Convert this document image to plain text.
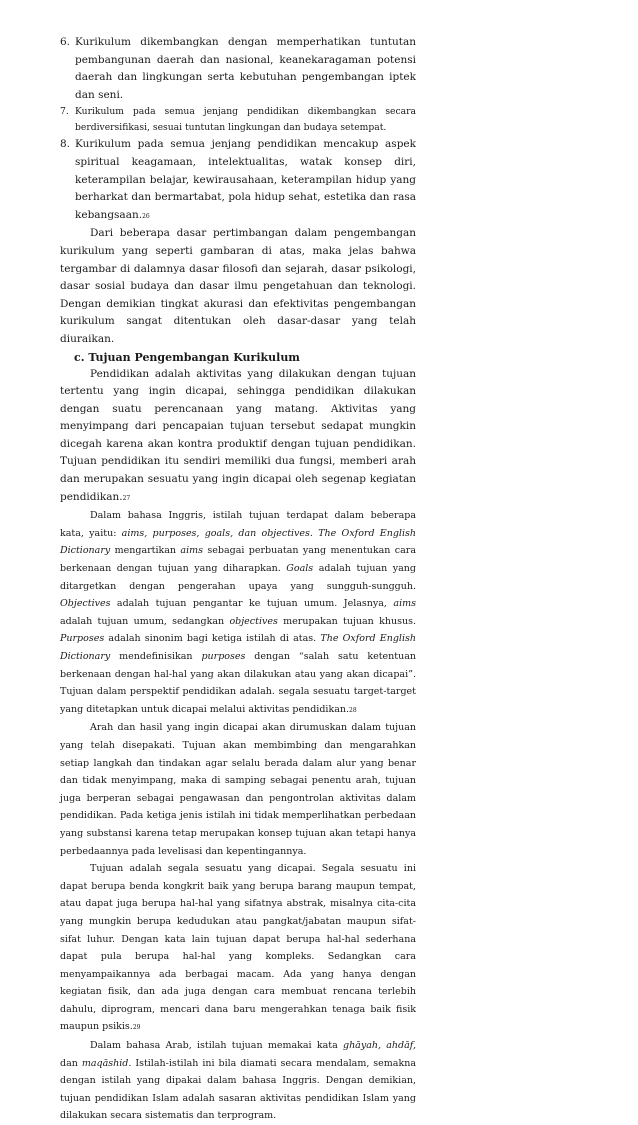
6. Kurikulum dikembangkan dengan memperhatikan tuntutan pembangunan daerah dan nasional, keanekaragaman potensi daerah dan lingkungan serta kebutuhan pengembangan iptek dan seni.
7. Kurikulum pada semua jenjang pendidikan dikembangkan secara berdiversifikasi, sesuai tuntutan lingkungan dan budaya setempat.
8. Kurikulum pada semua jenjang pendidikan mencakup aspek spiritual keagamaan, intelektualitas, watak konsep diri, keterampilan belajar, kewirausahaan, keterampilan hidup yang berharkat dan bermartabat, pola hidup sehat, estetika dan rasa kebangsaan.26

Dari beberapa dasar pertimbangan dalam pengembangan kurikulum yang seperti gambaran di atas, maka jelas bahwa tergambar di dalamnya dasar filosofi dan sejarah, dasar psikologi, dasar sosial budaya dan dasar ilmu pengetahuan dan teknologi. Dengan demikian tingkat akurasi dan efektivitas pengembangan kurikulum sangat ditentukan oleh dasar-dasar yang telah diuraikan.

c. Tujuan Pengembangan Kurikulum

Pendidikan adalah aktivitas yang dilakukan dengan tujuan tertentu yang ingin dicapai, sehingga pendidikan dilakukan dengan suatu perencanaan yang matang. Aktivitas yang menyimpang dari pencapaian tujuan tersebut sedapat mungkin dicegah karena akan kontra produktif dengan tujuan pendidikan. Tujuan pendidikan itu sendiri memiliki dua fungsi, memberi arah dan merupakan sesuatu yang ingin dicapai oleh segenap kegiatan pendidikan.27

Dalam bahasa Inggris, istilah tujuan terdapat dalam beberapa kata, yaitu: aims, purposes, goals, dan objectives. The Oxford English Dictionary mengartikan aims sebagai perbuatan yang menentukan cara berkenaan dengan tujuan yang diharapkan. Goals adalah tujuan yang ditargetkan dengan pengerahan upaya yang sungguh-sungguh. Objectives adalah tujuan pengantar ke tujuan umum. Jelasnya, aims adalah tujuan umum, sedangkan objectives merupakan tujuan khusus. Purposes adalah sinonim bagi ketiga istilah di atas. The Oxford English Dictionary mendefinisikan purposes dengan “salah satu ketentuan berkenaan dengan hal-hal yang akan dilakukan atau yang akan dicapai”. Tujuan dalam perspektif pendidikan adalah. segala sesuatu target-target yang ditetapkan untuk dicapai melalui aktivitas pendidikan.28

Arah dan hasil yang ingin dicapai akan dirumuskan dalam tujuan yang telah disepakati. Tujuan akan membimbing dan mengarahkan setiap langkah dan tindakan agar selalu berada dalam alur yang benar dan tidak menyimpang, maka di samping sebagai penentu arah, tujuan juga berperan sebagai pengawasan dan pengontrolan aktivitas dalam pendidikan. Pada ketiga jenis istilah ini tidak memperlihatkan perbedaan yang substansi karena tetap merupakan konsep tujuan akan tetapi hanya perbedaannya pada levelisasi dan kepentingannya.

Tujuan adalah segala sesuatu yang dicapai. Segala sesuatu ini dapat berupa benda kongkrit baik yang berupa barang maupun tempat, atau dapat juga berupa hal-hal yang sifatnya abstrak, misalnya cita-cita yang mungkin berupa kedudukan atau pangkat/jabatan maupun sifat-sifat luhur. Dengan kata lain tujuan dapat berupa hal-hal sederhana dapat pula berupa hal-hal yang kompleks. Sedangkan cara menyampaikannya ada berbagai macam. Ada yang hanya dengan kegiatan fisik, dan ada juga dengan cara membuat rencana terlebih dahulu, diprogram, mencari dana baru mengerahkan tenaga baik fisik maupun psikis.29

Dalam bahasa Arab, istilah tujuan memakai kata ghāyah, ahdāf, dan maqāshid. Istilah-istilah ini bila diamati secara mendalam, semakna dengan istilah yang dipakai dalam bahasa Inggris. Dengan demikian, tujuan pendidikan Islam adalah sasaran aktivitas pendidikan Islam yang dilakukan secara sistematis dan terprogram.
